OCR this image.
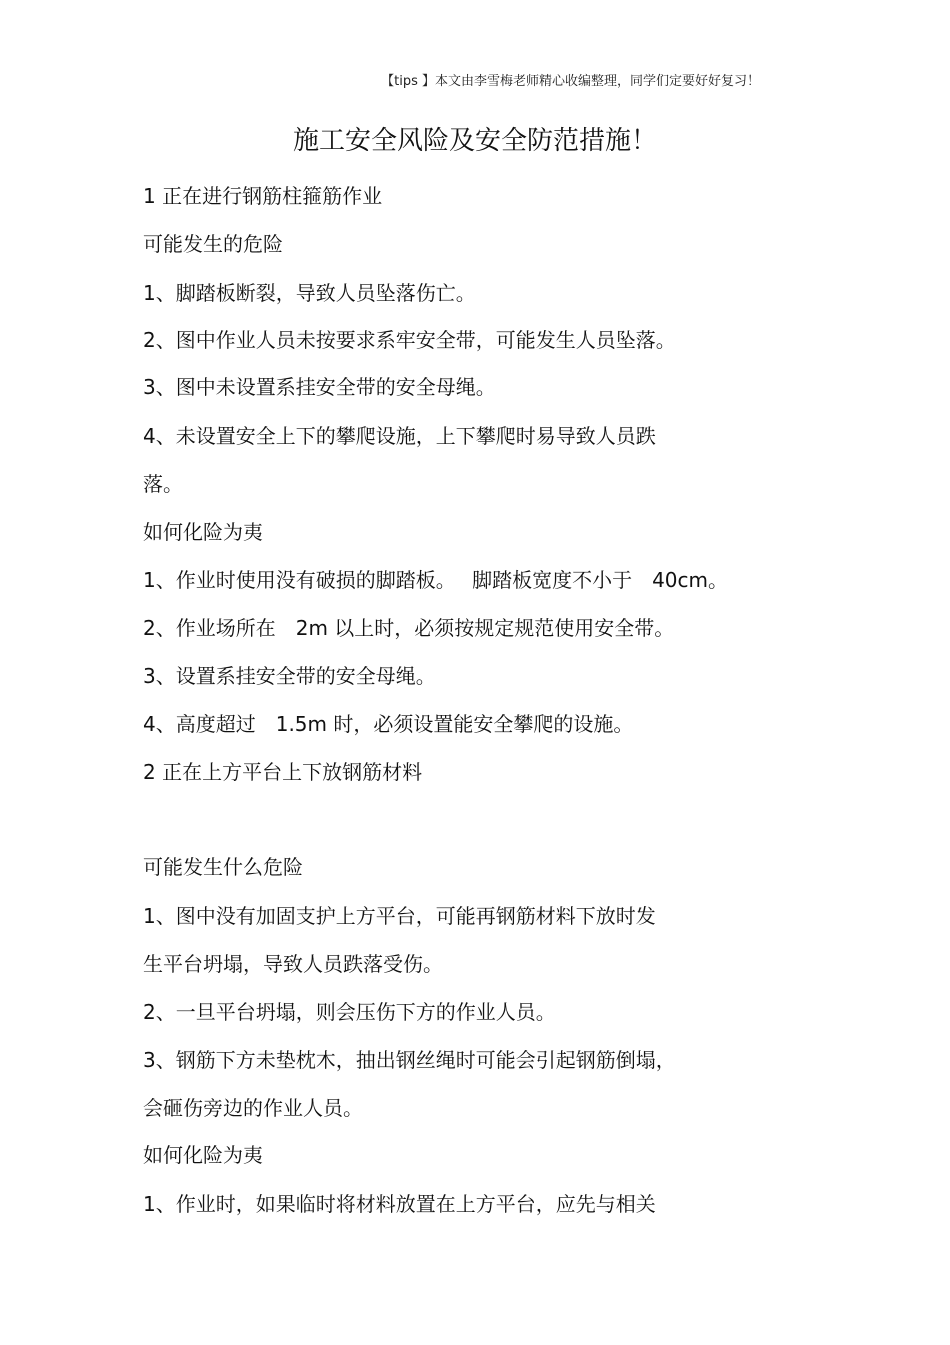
【tips 】本文由李雪梅老师精心收编整理，同学们定要好好复习！
施工安全风险及安全防范措施！
1 正在进行钢筋柱箍筋作业
可能发生的危险
1、脚踏板断裂，导致人员坠落伤亡。
2、图中作业人员未按要求系牢安全带，可能发生人员坠落。
3、图中未设置系挂安全带的安全母绳。
4、未设置安全上下的攀爬设施，上下攀爬时易导致人员跌
落。
如何化险为夷
1、作业时使用没有破损的脚踏板。　 脚踏板宽度不小于　40cm。
2、作业场所在　2m 以上时，必须按规定规范使用安全带。
3、设置系挂安全带的安全母绳。
4、高度超过　1.5m 时，必须设置能安全攀爬的设施。
2 正在上方平台上下放钢筋材料
可能发生什么危险
1、图中没有加固支护上方平台，可能再钢筋材料下放时发
生平台坍塌，导致人员跌落受伤。
2、一旦平台坍塌，则会压伤下方的作业人员。
3、钢筋下方未垫枕木，抽出钢丝绳时可能会引起钢筋倒塌，
会砸伤旁边的作业人员。
如何化险为夷
1、作业时，如果临时将材料放置在上方平台，应先与相关
